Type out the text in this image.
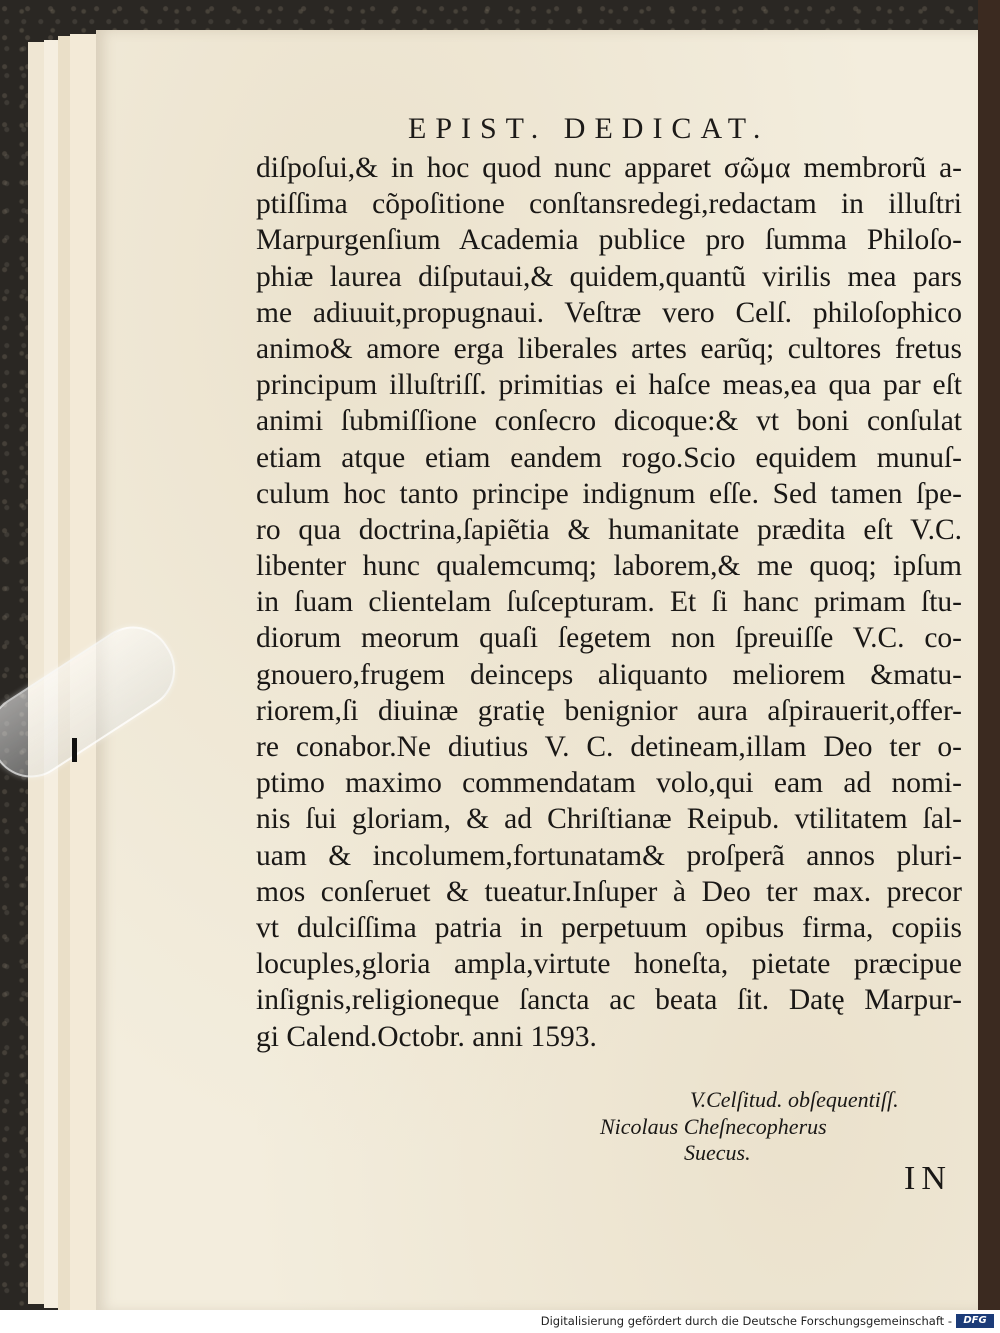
EPIST. DEDICAT.

diſpoſui,& in hoc quod nunc apparet σῶμα membrorũ a-
ptiſſima cõpoſitione conſtansredegi,redactam in illuſtri
Marpurgenſium Academia publice pro ſumma Philoſo-
phiæ laurea diſputaui,& quidem,quantũ virilis mea pars
me adiuuit,propugnaui. Veſtræ vero Celſ. philoſophico
animo& amore erga liberales artes earũq; cultores fretus
principum illuſtriſſ. primitias ei haſce meas,ea qua par eſt
animi ſubmiſſione conſecro dicoque:& vt boni conſulat
etiam atque etiam eandem rogo.Scio equidem munuſ-
culum hoc tanto principe indignum eſſe. Sed tamen ſpe-
ro qua doctrina,ſapiẽtia & humanitate prædita eſt V.C.
libenter hunc qualemcumq; laborem,& me quoq; ipſum
in ſuam clientelam ſuſcepturam. Et ſi hanc primam ſtu-
diorum meorum quaſi ſegetem non ſpreuiſſe V.C. co-
gnouero,frugem deinceps aliquanto meliorem &matu-
riorem,ſi diuinæ gratię benignior aura aſpirauerit,offer-
re conabor.Ne diutius V. C. detineam,illam Deo ter o-
ptimo maximo commendatam volo,qui eam ad nomi-
nis ſui gloriam, & ad Chriſtianæ Reipub. vtilitatem ſal-
uam & incolumem,fortunatam& proſperã annos pluri-
mos conſeruet & tueatur.Inſuper à Deo ter max. precor
vt dulciſſima patria in perpetuum opibus firma, copiis
locuples,gloria ampla,virtute honeſta, pietate præcipue
inſignis,religioneque ſancta ac beata ſit. Datę Marpur-
gi Calend.Octobr. anni 1593.

V.Celſitud. obſequentiſſ.

Nicolaus Cheſnecopherus

Suecus.

IN

Digitalisierung gefördert durch die Deutsche Forschungsgemeinschaft -	DFG
